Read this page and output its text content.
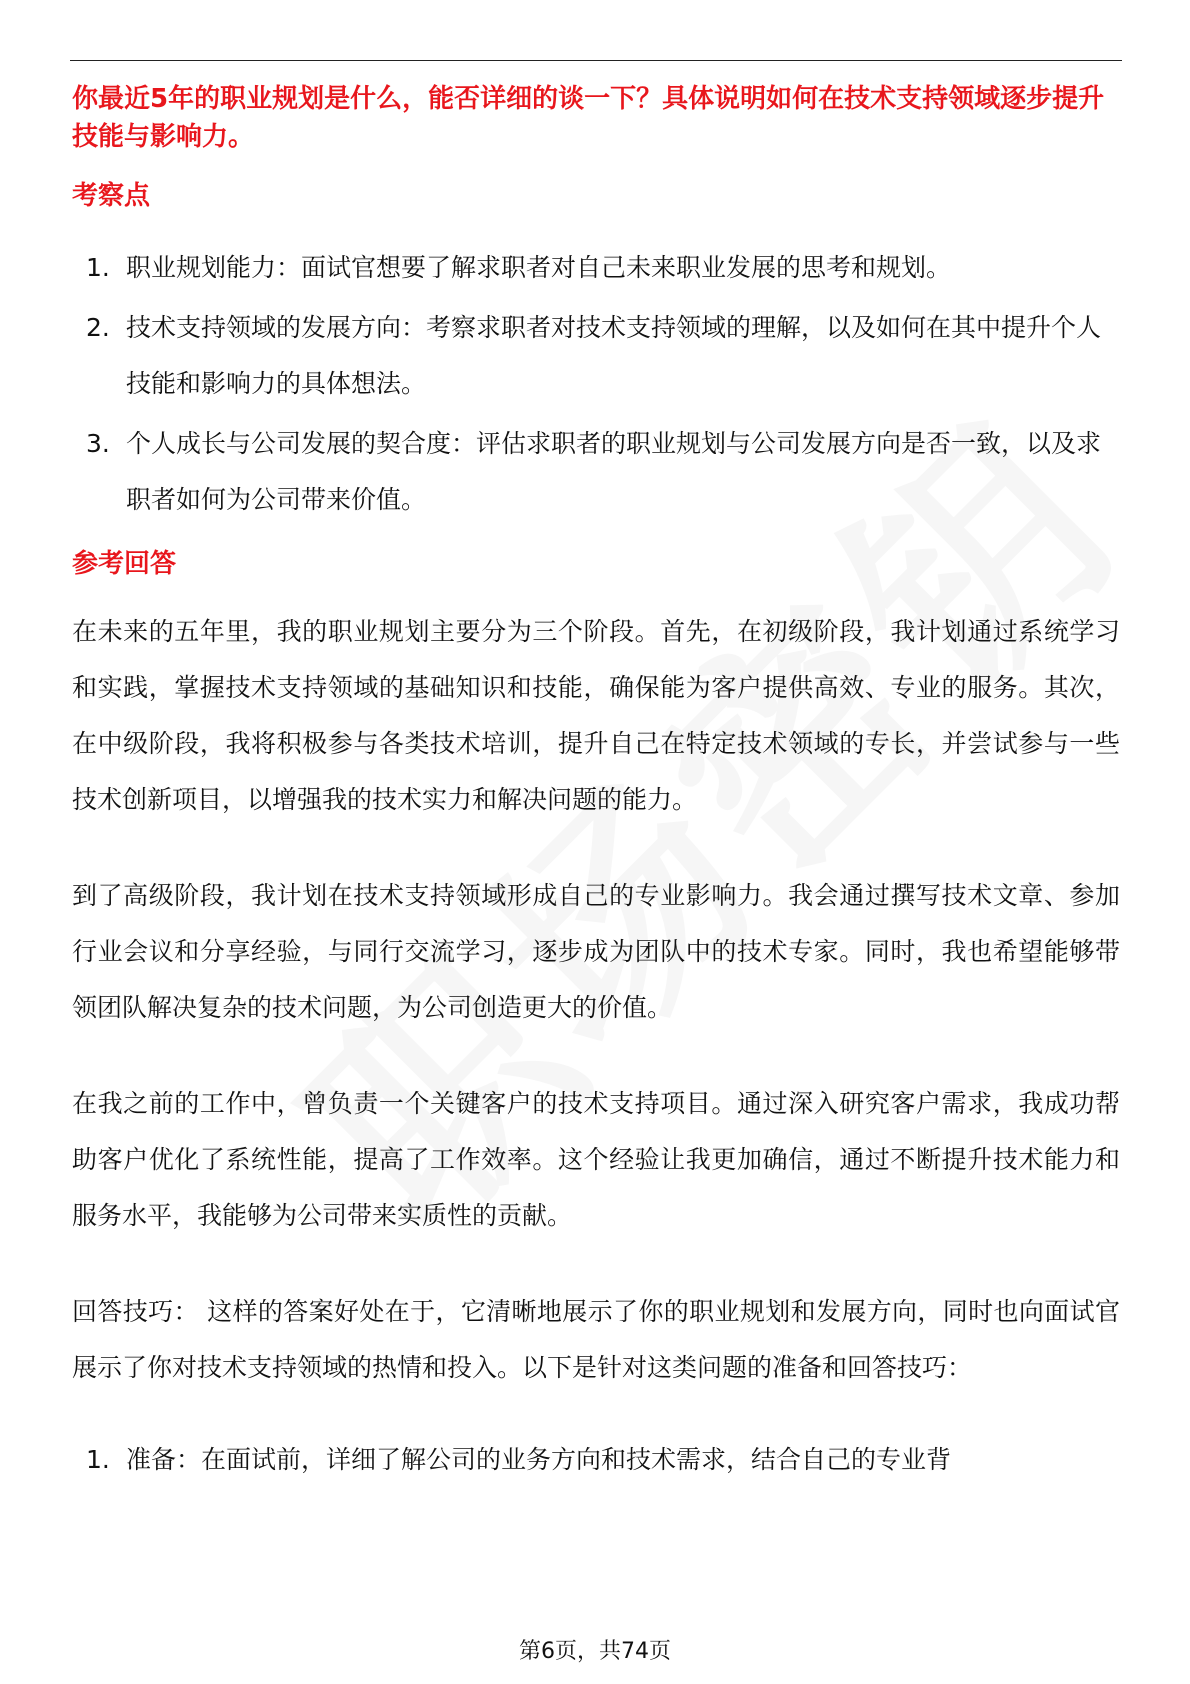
你最近5年的职业规划是什么，能否详细的谈一下？具体说明如何在技术支持领域逐步提升技能与影响力。
考察点
1. 职业规划能力：面试官想要了解求职者对自己未来职业发展的思考和规划。
2. 技术支持领域的发展方向：考察求职者对技术支持领域的理解，以及如何在其中提升个人技能和影响力的具体想法。
3. 个人成长与公司发展的契合度：评估求职者的职业规划与公司发展方向是否一致，以及求职者如何为公司带来价值。
参考回答

在未来的五年里，我的职业规划主要分为三个阶段。首先，在初级阶段，我计划通过系统学习和实践，掌握技术支持领域的基础知识和技能，确保能为客户提供高效、专业的服务。其次，在中级阶段，我将积极参与各类技术培训，提升自己在特定技术领域的专长，并尝试参与一些技术创新项目，以增强我的技术实力和解决问题的能力。

到了高级阶段，我计划在技术支持领域形成自己的专业影响力。我会通过撰写技术文章、参加行业会议和分享经验，与同行交流学习，逐步成为团队中的技术专家。同时，我也希望能够带领团队解决复杂的技术问题，为公司创造更大的价值。

在我之前的工作中，曾负责一个关键客户的技术支持项目。通过深入研究客户需求，我成功帮助客户优化了系统性能，提高了工作效率。这个经验让我更加确信，通过不断提升技术能力和服务水平，我能够为公司带来实质性的贡献。

回答技巧： 这样的答案好处在于，它清晰地展示了你的职业规划和发展方向，同时也向面试官展示了你对技术支持领域的热情和投入。以下是针对这类问题的准备和回答技巧：

1. 准备：在面试前，详细了解公司的业务方向和技术需求，结合自己的专业背
第6页，共74页
